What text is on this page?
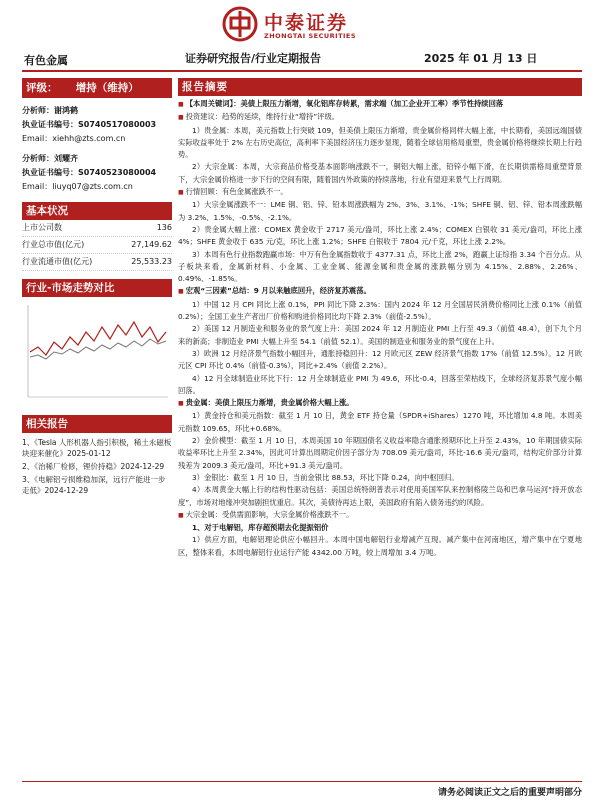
中泰证券
ZHONGTAI SECURITIES
有色金属	证券研究报告/行业定期报告	2025 年 01 月 13 日
评级： 增持（维持）
分析师：谢鸿鹤
执业证书编号：S0740517080003
Email：xiehh@zts.com.cn
分析师：刘耀齐
执业证书编号：S0740523080004
Email：liuyq07@zts.com.cn
基本状况
上市公司数	136
行业总市值(亿元)	27,149.62
行业流通市值(亿元)	25,533.23
行业-市场走势对比
相关报告

1、《Tesla 人形机器人指引积极，稀土永磁板块迎来催化》2025-01-12

2、《治稀厂检修，锂价持稳》2024-12-29

3、《电解铝亏损维稳加深，远行产能进一步走低》2024-12-29

报告摘要

■ 【本周关键词】：美债上限压力渐增，氧化铝库存转累，需求端（加工企业开工率）季节性持续回落

■ 投资建议：趋势的延续，维持行业“增持”评级。

1）贵金属：本周，美元指数上行突破 109，但美债上限压力渐增，贵金属价格同样大幅上涨，中长期看，美国远端国债实际收益率处于 2% 左右历史高位，高利率下美国经济压力逐步显现，随着全球信用格局重塑，贵金属价格将继续长期上行趋势。

2）大宗金属：本周，大宗商品价格受基本面影响涨跌不一，铜铝大幅上涨，铅锌小幅下滑，在长期供需格局重塑背景下，大宗金属价格进一步下行的空间有限，随着国内外政策的持续落地，行业有望迎来景气上行周期。

■ 行情回顾：有色金属涨跌不一。

1）大宗金属涨跌不一：LME 铜、铝、锌、铅本周涨跌幅为 2%、3%、3.1%、-1%；SHFE 铜、铝、锌、铅本周涨跌幅为 3.2%、1.5%、-0.5%、-2.1%。

2）贵金属大幅上涨：COMEX 黄金收于 2717 美元/盎司，环比上涨 2.4%；COMEX 白银收 31 美元/盎司，环比上涨 4%；SHFE 黄金收于 635 元/克，环比上涨 1.2%；SHFE 白银收于 7804 元/千克，环比上涨 2.2%。

3）本周有色行业指数跑赢市场：中万有色金属指数收于 4377.31 点，环比上涨 2%，跑赢上证综指 3.34 个百分点。从子板块来看，金属新材料、小金属、工业金属、能源金属和贵金属的涨跌幅分别为 4.15%、2.88%、2.26%、0.49%、-1.85%。

■ 宏观“三因素”总结：9 月以来触底回升，经济复苏震荡。

1）中国 12 月 CPI 同比上涨 0.1%，PPI 同比下降 2.3%：国内 2024 年 12 月全国居民消费价格同比上涨 0.1%（前值 0.2%）；全国工业生产者出厂价格和购进价格同比均下降 2.3%（前值-2.5%）。

2）美国 12 月制造业和服务业的景气度上升：美国 2024 年 12 月制造业 PMI 上行至 49.3（前值 48.4），创下九个月来的新高；非制造业 PMI 大幅上升至 54.1（前值 52.1）。美国的制造业和服务业的景气度在上升。

3）欧洲 12 月经济景气指数小幅回升，通胀持稳回升：12 月欧元区 ZEW 经济景气指数 17%（前值 12.5%）。12 月欧元区 CPI 环比 0.4%（前值-0.3%），同比+2.4%（前值 2.2%）。

4）12 月全球制造业环比下行：12 月全球制造业 PMI 为 49.6，环比-0.4，回落至荣枯线下，全球经济复苏景气度小幅回落。

■ 贵金属：美债上限压力渐增，贵金属价格大幅上涨。

1）黄金持仓和美元指数：截至 1 月 10 日，黄金 ETF 持仓量（SPDR+iShares）1270 吨，环比增加 4.8 吨。本周美元指数 109.65，环比+0.68%。

2）金价模型：截至 1 月 10 日，本周美国 10 年期国债名义收益率隐含通胀预期环比上升至 2.43%，10 年期国债实际收益率环比上升至 2.34%，因此可计算出周期定价因子部分为 708.09 美元/盎司，环比-16.6 美元/盎司，结构定价部分计算残差为 2009.3 美元/盎司，环比+91.3 美元/盎司。

3）金银比：截至 1 月 10 日，当前金银比 88.53，环比下降 0.24，向中枢回归。

4）本周黄金大幅上行的结构性驱动包括：美国总统特朗普表示对使用美国军队来控制格陵兰岛和巴拿马运河“持开放态度”，市场对地缘冲突加剧担忧重启。其次，美债待再达上限，美国政府有陷入债务违约的风险。

■ 大宗金属：受供需面影响，大宗金属价格涨跌不一。

1、对于电解铝，库存超预期去化提振铝价

1）供应方面，电解铝理论供应小幅回升。本周中国电解铝行业增减产互现。减产集中在河南地区，增产集中在宁夏地区，整体来看，本周电解铝行业运行产能 4342.00 万吨，较上周增加 3.4 万吨。

请务必阅读正文之后的重要声明部分
